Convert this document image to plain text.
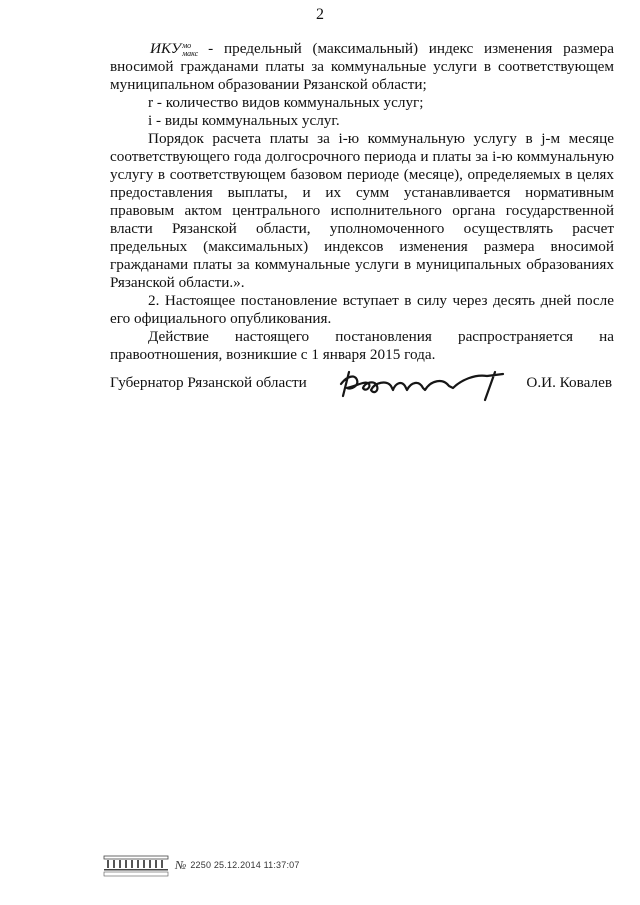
2

ИКУ мо
макс - предельный (максимальный) индекс изменения размера вносимой гражданами платы за коммунальные услуги в соответствующем муниципальном образовании Рязанской области;

r - количество видов коммунальных услуг;

i - виды коммунальных услуг.

Порядок расчета платы за i-ю коммунальную услугу в j-м месяце соответствующего года долгосрочного периода и платы за i-ю коммунальную услугу в соответствующем базовом периоде (месяце), определяемых в целях предоставления выплаты, и их сумм устанавливается нормативным правовым актом центрального исполнительного органа государственной власти Рязанской области, уполномоченного осуществлять расчет предельных (максимальных) индексов изменения размера вносимой гражданами платы за коммунальные услуги в муниципальных образованиях Рязанской области.».

2. Настоящее постановление вступает в силу через десять дней после его официального опубликования.

Действие настоящего постановления распространяется на

правоотношения, возникшие с 1 января 2015 года.

Губернатор Рязанской области	О.И. Ковалев
№ 2250 25.12.2014 11:37:07
